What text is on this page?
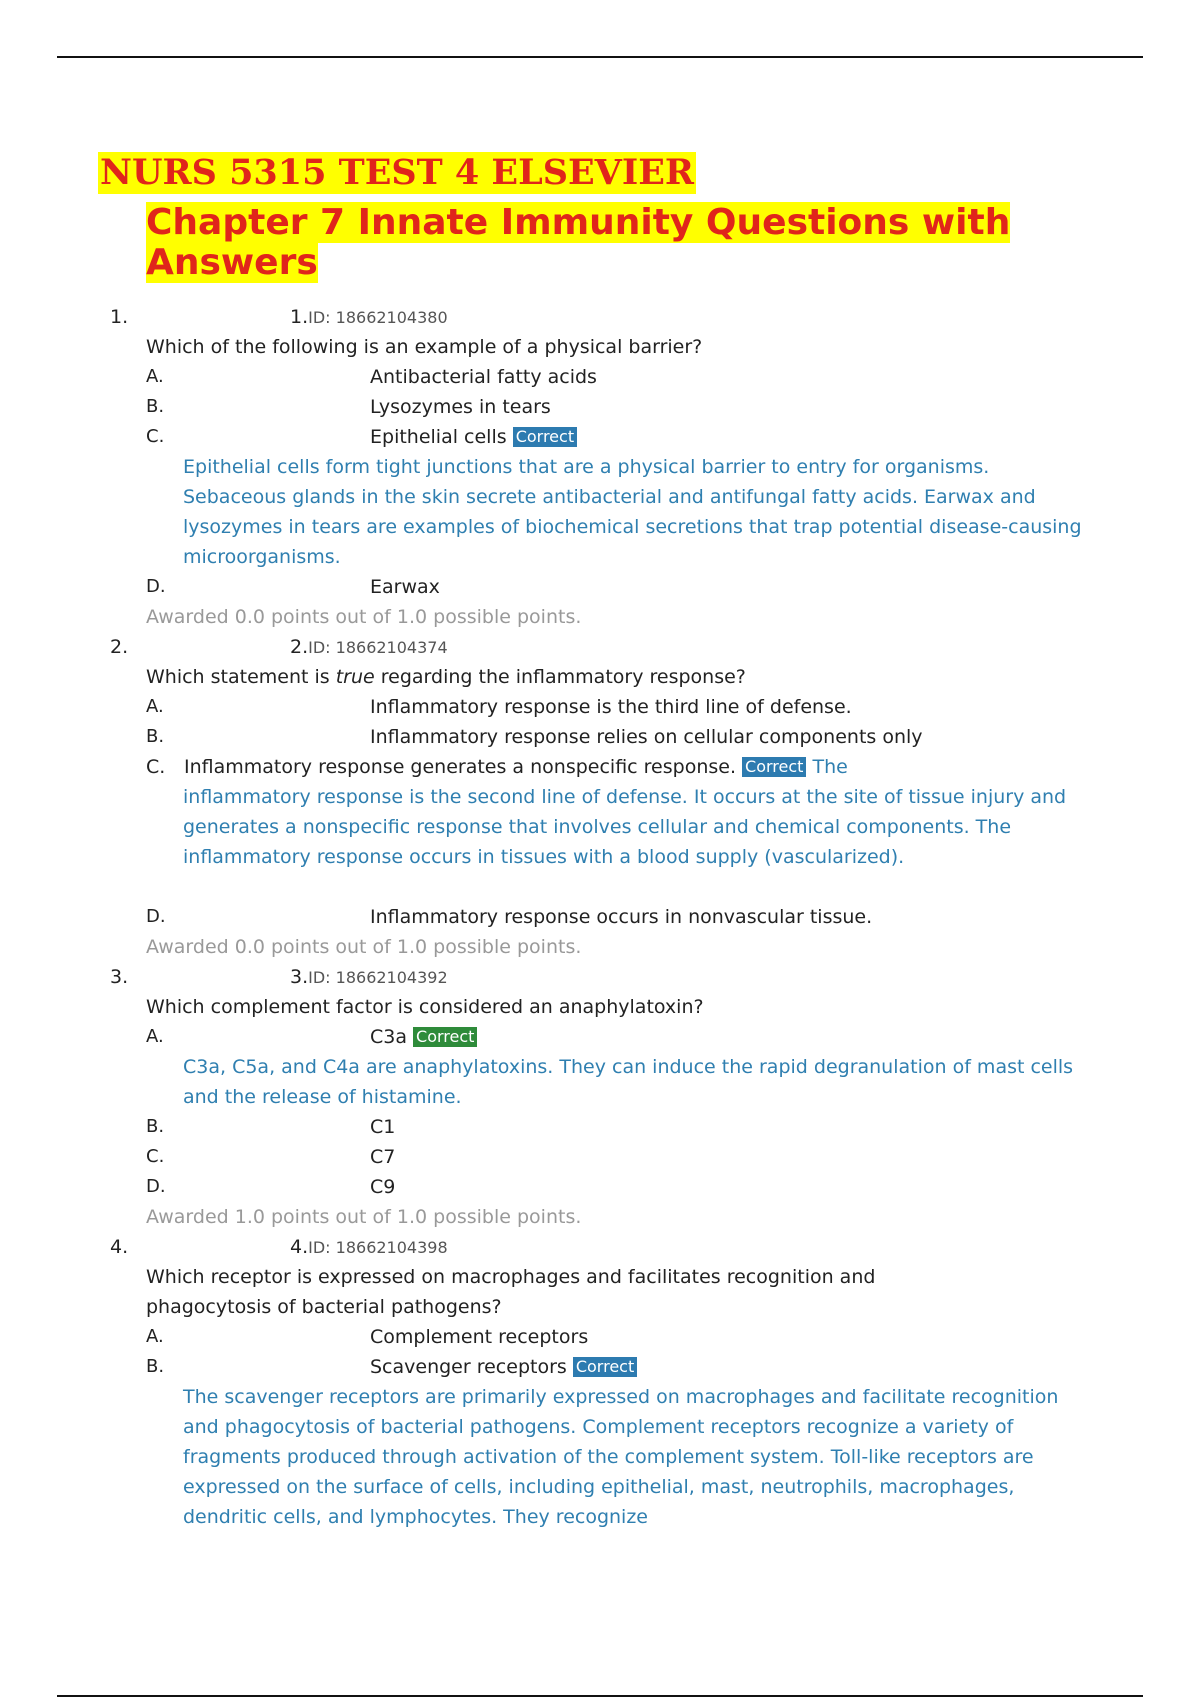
NURS 5315 TEST 4 ELSEVIER
Chapter 7 Innate Immunity Questions with Answers
1.	1.ID: 18662104380
Which of the following is an example of a physical barrier?
A.	Antibacterial fatty acids
B.	Lysozymes in tears
C.	Epithelial cells Correct
Epithelial cells form tight junctions that are a physical barrier to entry for organisms. Sebaceous glands in the skin secrete antibacterial and antifungal fatty acids. Earwax and lysozymes in tears are examples of biochemical secretions that trap potential disease-causing microorganisms.
D.	Earwax
Awarded 0.0 points out of 1.0 possible points.
2.	2.ID: 18662104374
Which statement is true regarding the inflammatory response?
A.	Inflammatory response is the third line of defense.
B.	Inflammatory response relies on cellular components only
C. Inflammatory response generates a nonspecific response. Correct The
inflammatory response is the second line of defense. It occurs at the site of tissue injury and generates a nonspecific response that involves cellular and chemical components. The inflammatory response occurs in tissues with a blood supply (vascularized).
D.	Inflammatory response occurs in nonvascular tissue.
Awarded 0.0 points out of 1.0 possible points.
3.	3.ID: 18662104392
Which complement factor is considered an anaphylatoxin?
A.	C3a Correct
C3a, C5a, and C4a are anaphylatoxins. They can induce the rapid degranulation of mast cells and the release of histamine.
B.	C1
C.	C7
D.	C9
Awarded 1.0 points out of 1.0 possible points.
4.	4.ID: 18662104398
Which receptor is expressed on macrophages and facilitates recognition and phagocytosis of bacterial pathogens?
A.	Complement receptors
B.	Scavenger receptors Correct
The scavenger receptors are primarily expressed on macrophages and facilitate recognition and phagocytosis of bacterial pathogens. Complement receptors recognize a variety of fragments produced through activation of the complement system. Toll-like receptors are expressed on the surface of cells, including epithelial, mast, neutrophils, macrophages, dendritic cells, and lymphocytes. They recognize
